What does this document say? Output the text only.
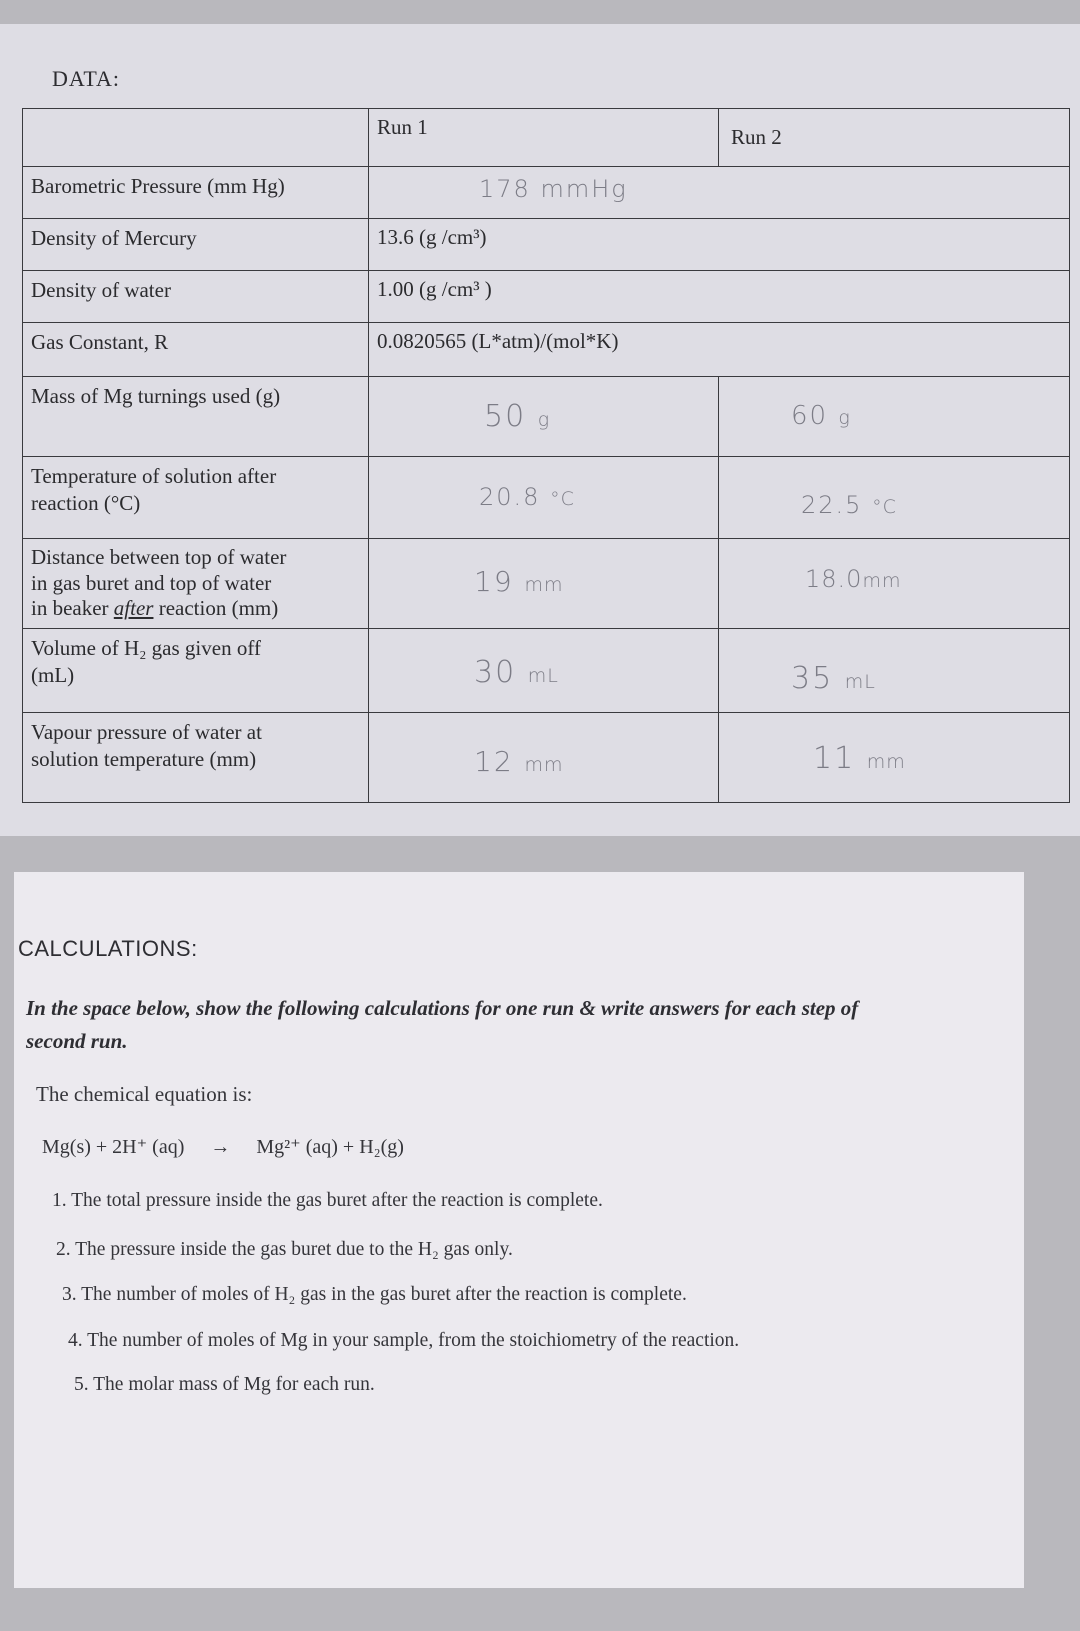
DATA:
	Run 1	Run 2
Barometric Pressure (mm Hg)	178 mmHg	
Density of Mercury	13.6 (g /cm³)	
Density of water	1.00 (g /cm³ )	
Gas Constant, R	0.0820565 (L*atm)/(mol*K)	
Mass of Mg turnings used (g)	50 g	60 g
Temperature of solution after
reaction (°C)	20.8 °C	22.5 °C
Distance between top of water
in gas buret and top of water
in beaker after reaction (mm)	19 mm	18.0mm
Volume of H₂ gas given off
(mL)	30 mL	35 mL
Vapour pressure of water at
solution temperature (mm)	12 mm	11 mm
CALCULATIONS:
In the space below, show the following calculations for one run & write answers for each step of
second run.
The chemical equation is:
Mg(s) + 2H⁺ (aq) → Mg²⁺ (aq) + H₂(g)
1. The total pressure inside the gas buret after the reaction is complete.
2. The pressure inside the gas buret due to the H₂ gas only.
3. The number of moles of H₂ gas in the gas buret after the reaction is complete.
4. The number of moles of Mg in your sample, from the stoichiometry of the reaction.
5. The molar mass of Mg for each run.
